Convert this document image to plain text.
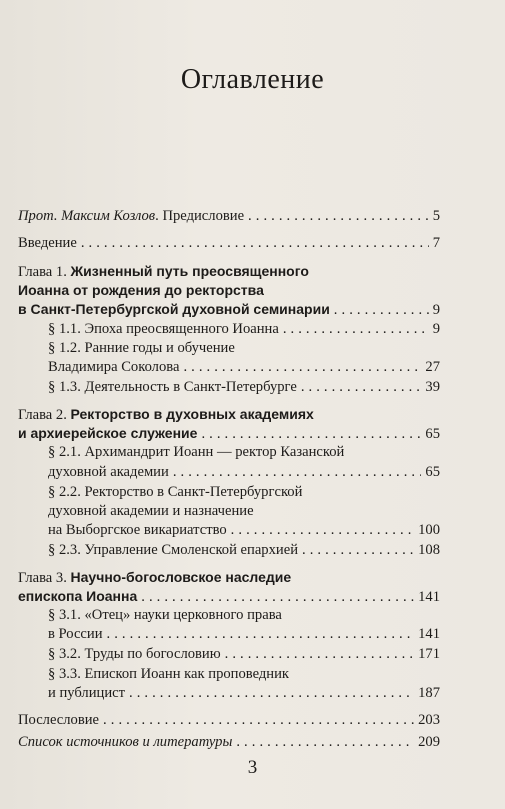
Оглавление
Прот. Максим Козлов. Предисловие . . .	5
Введение . . .	7
Глава 1. Жизненный путь преосвященного
Иоанна от рождения до ректорства
в Санкт-Петербургской духовной семинарии . . .	9
§ 1.1. Эпоха преосвященного Иоанна . . .	9
§ 1.2. Ранние годы и обучение
Владимира Соколова . . .	27
§ 1.3. Деятельность в Санкт-Петербурге . . .	39
Глава 2. Ректорство в духовных академиях
и архиерейское служение . . .	65
§ 2.1. Архимандрит Иоанн — ректор Казанской
духовной академии . . .	65
§ 2.2. Ректорство в Санкт-Петербургской
духовной академии и назначение
на Выборгское викариатство . . .	100
§ 2.3. Управление Смоленской епархией . . .	108
Глава 3. Научно-богословское наследие
епископа Иоанна . . .	141
§ 3.1. «Отец» науки церковного права
в России . . .	141
§ 3.2. Труды по богословию . . .	171
§ 3.3. Епископ Иоанн как проповедник
и публицист . . .	187
Послесловие . . .	203
Список источников и литературы . . .	209
3
